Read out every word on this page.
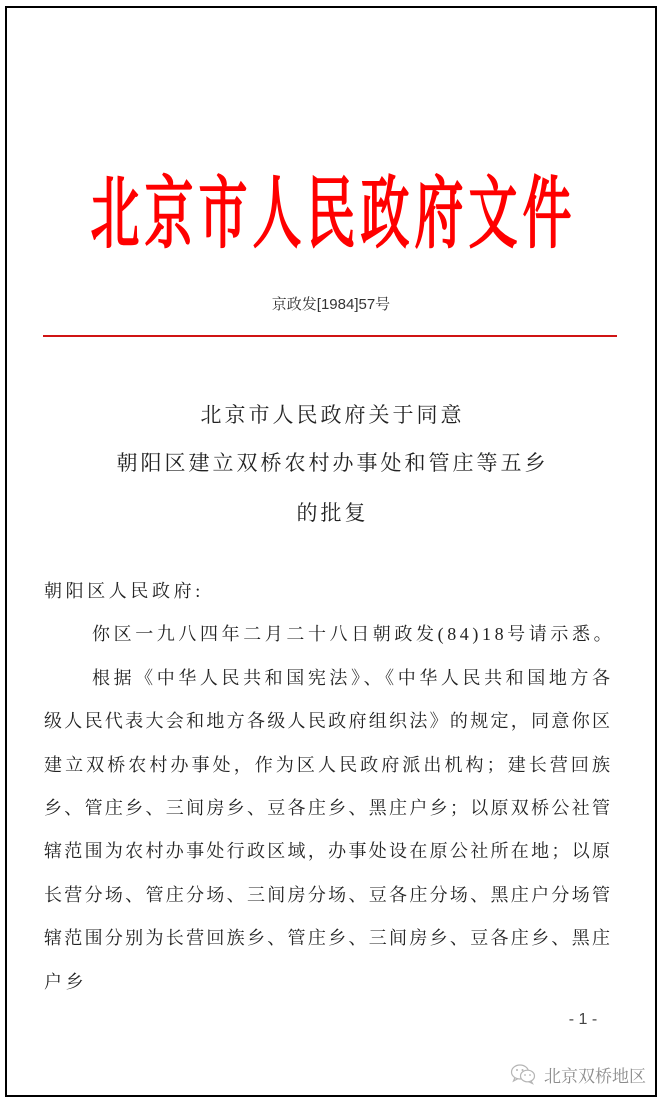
北京市人民政府文件
京政发[1984]57号
北京市人民政府关于同意
朝阳区建立双桥农村办事处和管庄等五乡
的批复
朝阳区人民政府:
你区一九八四年二月二十八日朝政发(84)18号请示悉。
根据《中华人民共和国宪法》、《中华人民共和国地方各
级人民代表大会和地方各级人民政府组织法》的规定，同意你区
建立双桥农村办事处，作为区人民政府派出机构；建长营回族
乡、管庄乡、三间房乡、豆各庄乡、黑庄户乡；以原双桥公社管
辖范围为农村办事处行政区域，办事处设在原公社所在地；以原
长营分场、管庄分场、三间房分场、豆各庄分场、黑庄户分场管
辖范围分别为长营回族乡、管庄乡、三间房乡、豆各庄乡、黑庄
户乡
- 1 -
北京双桥地区
